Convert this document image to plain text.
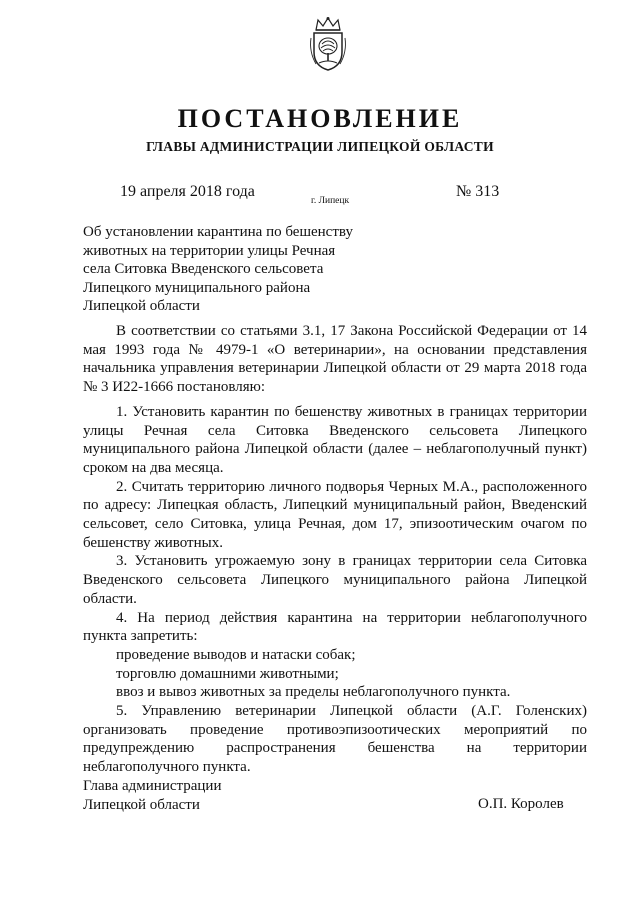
ПОСТАНОВЛЕНИЕ
ГЛАВЫ АДМИНИСТРАЦИИ ЛИПЕЦКОЙ ОБЛАСТИ
19 апреля 2018 года
г. Липецк
№ 313
Об установлении карантина по бешенству
животных на территории улицы Речная
села Ситовка Введенского сельсовета
Липецкого муниципального района
Липецкой области

В соответствии со статьями 3.1, 17 Закона Российской Федерации от 14 мая 1993 года № 4979-1 «О ветеринарии», на основании представления начальника управления ветеринарии Липецкой области от 29 марта 2018 года № 3 И22-1666 постановляю:

1. Установить карантин по бешенству животных в границах территории улицы Речная села Ситовка Введенского сельсовета Липецкого муниципального района Липецкой области (далее – неблагополучный пункт) сроком на два месяца.

2. Считать территорию личного подворья Черных М.А., расположенного по адресу: Липецкая область, Липецкий муниципальный район, Введенский сельсовет, село Ситовка, улица Речная, дом 17, эпизоотическим очагом по бешенству животных.

3. Установить угрожаемую зону в границах территории села Ситовка Введенского сельсовета Липецкого муниципального района Липецкой области.

4. На период действия карантина на территории неблагополучного пункта запретить:

проведение выводов и натаски собак;

торговлю домашними животными;

ввоз и вывоз животных за пределы неблагополучного пункта.

5. Управлению ветеринарии Липецкой области (А.Г. Голенских) организовать проведение противоэпизоотических мероприятий по предупреждению распространения бешенства на территории неблагополучного пункта.

Глава администрации
Липецкой области	О.П. Королев
